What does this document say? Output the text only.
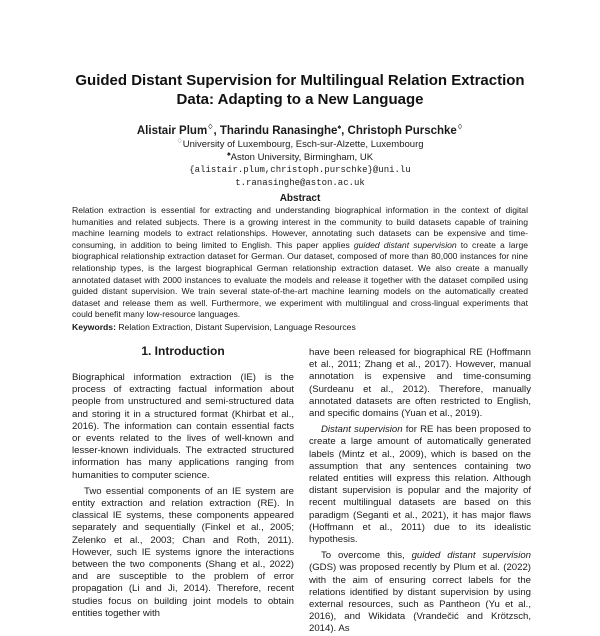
Guided Distant Supervision for Multilingual Relation Extraction
Data: Adapting to a New Language
Alistair Plum♢, Tharindu Ranasinghe♠, Christoph Purschke♢
♢University of Luxembourg, Esch-sur-Alzette, Luxembourg
♠Aston University, Birmingham, UK
{alistair.plum,christoph.purschke}@uni.lu
t.ranasinghe@aston.ac.uk
Abstract
Relation extraction is essential for extracting and understanding biographical information in the context of digital humanities and related subjects. There is a growing interest in the community to build datasets capable of training machine learning models to extract relationships. However, annotating such datasets can be expensive and time-consuming, in addition to being limited to English. This paper applies guided distant supervision to create a large biographical relationship extraction dataset for German. Our dataset, composed of more than 80,000 instances for nine relationship types, is the largest biographical German relationship extraction dataset. We also create a manually annotated dataset with 2000 instances to evaluate the models and release it together with the dataset compiled using guided distant supervision. We train several state-of-the-art machine learning models on the automatically created dataset and release them as well. Furthermore, we experiment with multilingual and cross-lingual experiments that could benefit many low-resource languages.
Keywords: Relation Extraction, Distant Supervision, Language Resources
1. Introduction

Biographical information extraction (IE) is the process of extracting factual information about people from unstructured and semi-structured data and storing it in a structured format (Khirbat et al., 2016). The information can contain essential facts or events related to the lives of well-known and lesser-known individuals. The extracted structured information has many applications ranging from humanities to computer science.

Two essential components of an IE system are entity extraction and relation extraction (RE). In classical IE systems, these components appeared separately and sequentially (Finkel et al., 2005; Zelenko et al., 2003; Chan and Roth, 2011). However, such IE systems ignore the interactions between the two components (Shang et al., 2022) and are susceptible to the problem of error propagation (Li and Ji, 2014). Therefore, recent studies focus on building joint models to obtain entities together with

have been released for biographical RE (Hoffmann et al., 2011; Zhang et al., 2017). However, manual annotation is expensive and time-consuming (Surdeanu et al., 2012). Therefore, manually annotated datasets are often restricted to English, and specific domains (Yuan et al., 2019).

Distant supervision for RE has been proposed to create a large amount of automatically generated labels (Mintz et al., 2009), which is based on the assumption that any sentences containing two related entities will express this relation. Although distant supervision is popular and the majority of recent multilingual datasets are based on this paradigm (Seganti et al., 2021), it has major flaws (Hoffmann et al., 2011) due to its idealistic hypothesis.

To overcome this, guided distant supervision (GDS) was proposed recently by Plum et al. (2022) with the aim of ensuring correct labels for the relations identified by distant supervision by using external resources, such as Pantheon (Yu et al., 2016), and Wikidata (Vrandečić and Krötzsch, 2014). As
